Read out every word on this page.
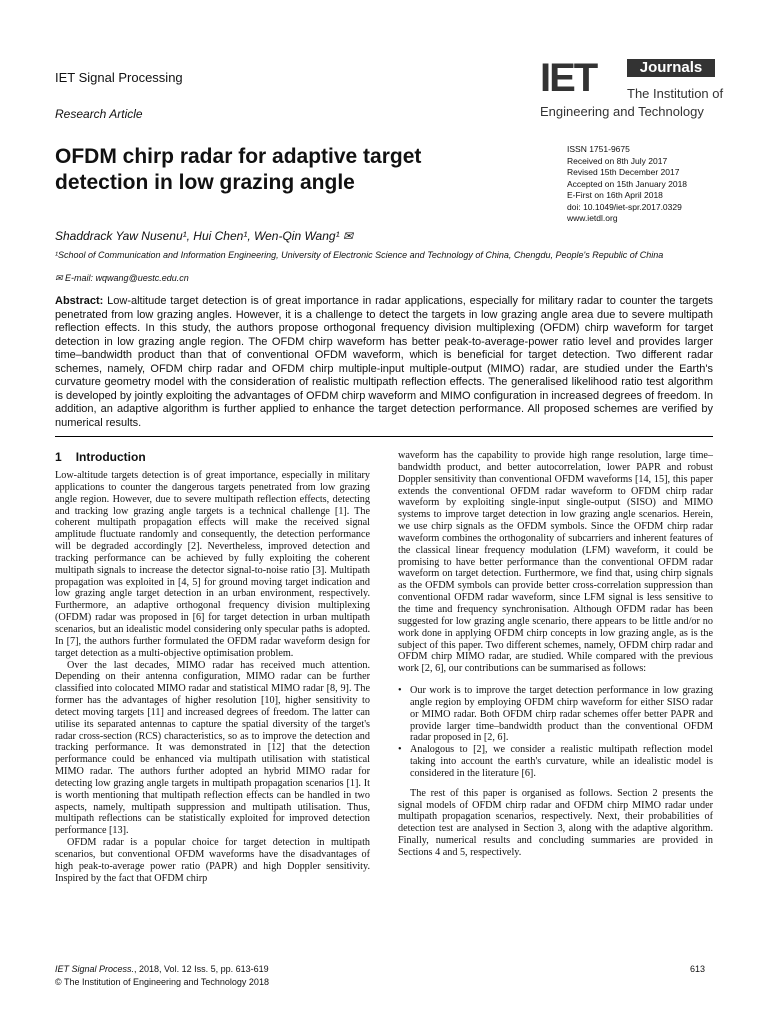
IET Signal Processing
Research Article
IET	Journals
The Institution of
Engineering and Technology
OFDM chirp radar for adaptive target detection in low grazing angle
ISSN 1751-9675
Received on 8th July 2017
Revised 15th December 2017
Accepted on 15th January 2018
E-First on 16th April 2018
doi: 10.1049/iet-spr.2017.0329
www.ietdl.org
Shaddrack Yaw Nusenu¹, Hui Chen¹, Wen-Qin Wang¹ ✉
¹School of Communication and Information Engineering, University of Electronic Science and Technology of China, Chengdu, People's Republic of China
✉ E-mail: wqwang@uestc.edu.cn
Abstract: Low-altitude target detection is of great importance in radar applications, especially for military radar to counter the targets penetrated from low grazing angles. However, it is a challenge to detect the targets in low grazing angle area due to severe multipath reflection effects. In this study, the authors propose orthogonal frequency division multiplexing (OFDM) chirp waveform for target detection in low grazing angle region. The OFDM chirp waveform has better peak-to-average-power ratio level and provides larger time–bandwidth product than that of conventional OFDM waveform, which is beneficial for target detection. Two different radar schemes, namely, OFDM chirp radar and OFDM chirp multiple-input multiple-output (MIMO) radar, are studied under the Earth's curvature geometry model with the consideration of realistic multipath reflection effects. The generalised likelihood ratio test algorithm is developed by jointly exploiting the advantages of OFDM chirp waveform and MIMO configuration in increased degrees of freedom. In addition, an adaptive algorithm is further applied to enhance the target detection performance. All proposed schemes are verified by numerical results.
1 Introduction

Low-altitude targets detection is of great importance, especially in military applications to counter the dangerous targets penetrated from low grazing angle region. However, due to severe multipath reflection effects, detecting and tracking low grazing angle targets is a technical challenge [1]. The coherent multipath propagation effects will make the received signal amplitude fluctuate randomly and consequently, the detection performance will be degraded accordingly [2]. Nevertheless, improved detection and tracking performance can be achieved by fully exploiting the coherent multipath signals to increase the detector signal-to-noise ratio [3]. Multipath propagation was exploited in [4, 5] for ground moving target indication and low grazing angle target detection in an urban environment, respectively. Furthermore, an adaptive orthogonal frequency division multiplexing (OFDM) radar was proposed in [6] for target detection in urban multipath scenarios, but an idealistic model considering only specular paths is adopted. In [7], the authors further formulated the OFDM radar waveform design for target detection as a multi-objective optimisation problem.

Over the last decades, MIMO radar has received much attention. Depending on their antenna configuration, MIMO radar can be further classified into colocated MIMO radar and statistical MIMO radar [8, 9]. The former has the advantages of higher resolution [10], higher sensitivity to detect moving targets [11] and increased degrees of freedom. The latter can utilise its separated antennas to capture the spatial diversity of the target's radar cross-section (RCS) characteristics, so as to improve the detection and tracking performance. It was demonstrated in [12] that the detection performance could be enhanced via multipath utilisation with statistical MIMO radar. The authors further adopted an hybrid MIMO radar for detecting low grazing angle targets in multipath propagation scenarios [1]. It is worth mentioning that multipath reflection effects can be handled in two aspects, namely, multipath suppression and multipath utilisation. Thus, multipath reflections can be statistically exploited for improved detection performance [13].

OFDM radar is a popular choice for target detection in multipath scenarios, but conventional OFDM waveforms have the disadvantages of high peak-to-average power ratio (PAPR) and high Doppler sensitivity. Inspired by the fact that OFDM chirp

waveform has the capability to provide high range resolution, large time–bandwidth product, and better autocorrelation, lower PAPR and robust Doppler sensitivity than conventional OFDM waveforms [14, 15], this paper extends the conventional OFDM radar waveform to OFDM chirp radar waveform by exploiting single-input single-output (SISO) and MIMO systems to improve target detection in low grazing angle scenarios. Herein, we use chirp signals as the OFDM symbols. Since the OFDM chirp radar waveform combines the orthogonality of subcarriers and inherent features of the classical linear frequency modulation (LFM) waveform, it could be promising to have better performance than the conventional OFDM radar waveform on target detection. Furthermore, we find that, using chirp signals as the OFDM symbols can provide better cross-correlation suppression than conventional OFDM radar waveform, since LFM signal is less sensitive to the time and frequency synchronisation. Although OFDM radar has been suggested for low grazing angle scenario, there appears to be little and/or no work done in applying OFDM chirp concepts in low grazing angle, as is the subject of this paper. Two different schemes, namely, OFDM chirp radar and OFDM chirp MIMO radar, are studied. While compared with the previous work [2, 6], our contributions can be summarised as follows:

• Our work is to improve the target detection performance in low grazing angle region by employing OFDM chirp waveform for either SISO radar or MIMO radar. Both OFDM chirp radar schemes offer better PAPR and provide larger time–bandwidth product than the conventional OFDM radar proposed in [2, 6].
• Analogous to [2], we consider a realistic multipath reflection model taking into account the earth's curvature, while an idealistic model is considered in the literature [6].

The rest of this paper is organised as follows. Section 2 presents the signal models of OFDM chirp radar and OFDM chirp MIMO radar under multipath propagation scenarios, respectively. Next, their probabilities of detection test are analysed in Section 3, along with the adaptive algorithm. Finally, numerical results and concluding summaries are provided in Sections 4 and 5, respectively.

IET Signal Process., 2018, Vol. 12 Iss. 5, pp. 613-619
© The Institution of Engineering and Technology 2018
613
